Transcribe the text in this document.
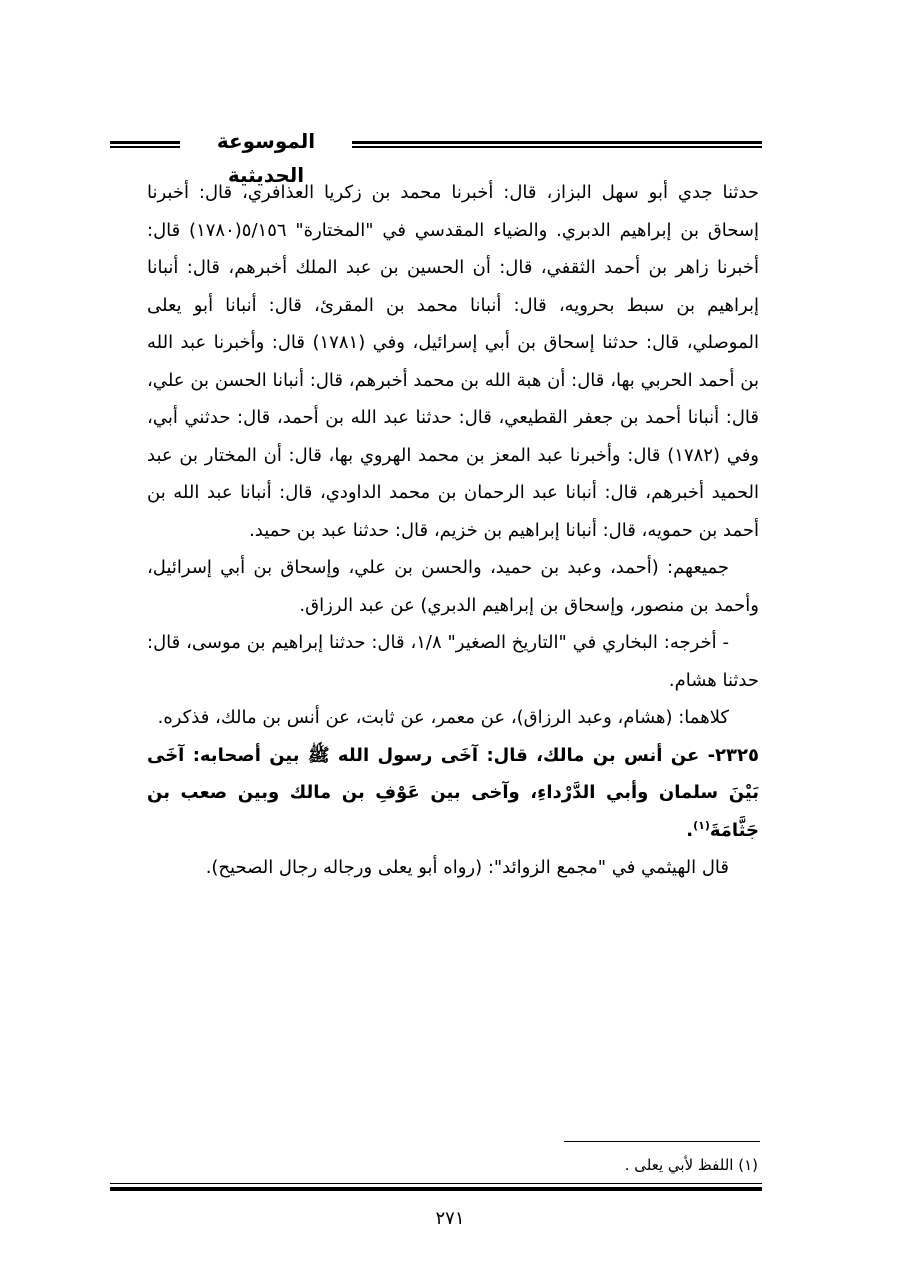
الموسوعة الحديثية

حدثنا جدي أبو سهل البزاز، قال: أخبرنا محمد بن زكريا العذافري، قال: أخبرنا إسحاق بن إبراهيم الدبري. والضياء المقدسي في "المختارة" ٥/١٥٦(١٧٨٠) قال: أخبرنا زاهر بن أحمد الثقفي، قال: أن الحسين بن عبد الملك أخبرهم، قال: أنبانا إبراهيم بن سبط بحرويه، قال: أنبانا محمد بن المقرئ، قال: أنبانا أبو يعلى الموصلي، قال: حدثنا إسحاق بن أبي إسرائيل، وفي (١٧٨١) قال: وأخبرنا عبد الله بن أحمد الحربي بها، قال: أن هبة الله بن محمد أخبرهم، قال: أنبانا الحسن بن علي، قال: أنبانا أحمد بن جعفر القطيعي، قال: حدثنا عبد الله بن أحمد، قال: حدثني أبي، وفي (١٧٨٢) قال: وأخبرنا عبد المعز بن محمد الهروي بها، قال: أن المختار بن عبد الحميد أخبرهم، قال: أنبانا عبد الرحمان بن محمد الداودي، قال: أنبانا عبد الله بن أحمد بن حمويه، قال: أنبانا إبراهيم بن خزيم، قال: حدثنا عبد بن حميد.

جميعهم: (أحمد، وعبد بن حميد، والحسن بن علي، وإسحاق بن أبي إسرائيل، وأحمد بن منصور، وإسحاق بن إبراهيم الدبري) عن عبد الرزاق.

- أخرجه: البخاري في "التاريخ الصغير" ١/٨، قال: حدثنا إبراهيم بن موسى، قال: حدثنا هشام.

كلاهما: (هشام، وعبد الرزاق)، عن معمر، عن ثابت، عن أنس بن مالك، فذكره.

٢٣٢٥- عن أنس بن مالك، قال: آخَى رسول الله ﷺ بين أصحابه: آخَى بَيْنَ سلمان وأبي الدَّرْداءِ، وآخى بين عَوْفِ بن مالك وبين صعب بن جَثَّامَةَ$^{(١)}$.

قال الهيثمي في "مجمع الزوائد": (رواه أبو يعلى ورجاله رجال الصحيح).

(١) اللفظ لأبي يعلى .
٢٧١
